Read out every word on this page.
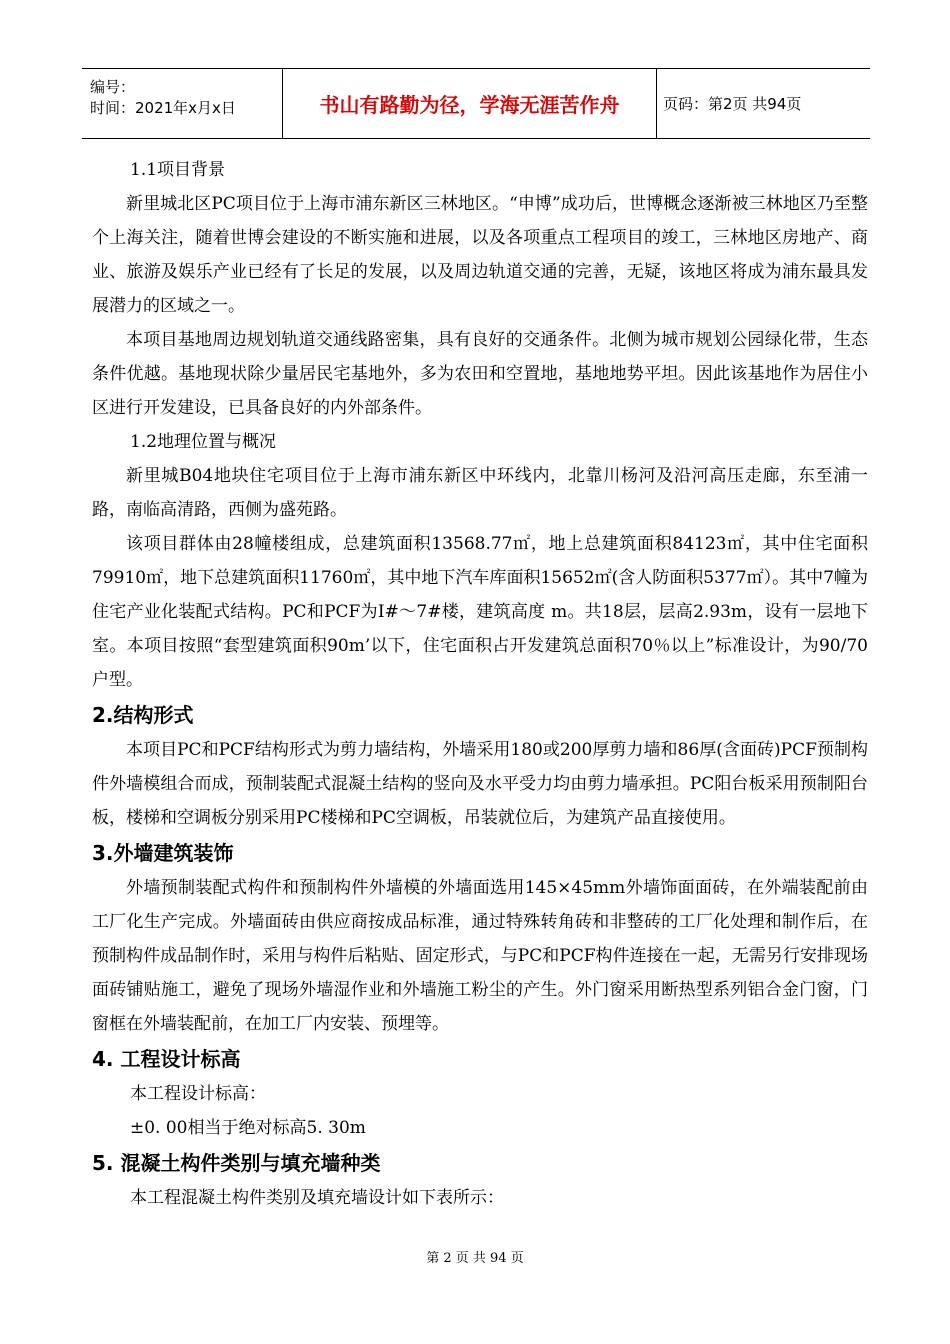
编号：
时间：2021年x月x日	书山有路勤为径，学海无涯苦作舟	页码：第2页 共94页

1.1项目背景

新里城北区PC项目位于上海市浦东新区三林地区。“申博”成功后，世博概念逐渐被三林地区乃至整个上海关注，随着世博会建设的不断实施和进展，以及各项重点工程项目的竣工，三林地区房地产、商业、旅游及娱乐产业已经有了长足的发展，以及周边轨道交通的完善，无疑，该地区将成为浦东最具发展潜力的区域之一。

本项目基地周边规划轨道交通线路密集，具有良好的交通条件。北侧为城市规划公园绿化带，生态条件优越。基地现状除少量居民宅基地外，多为农田和空置地，基地地势平坦。因此该基地作为居住小区进行开发建设，已具备良好的内外部条件。

1.2地理位置与概况

新里城B04地块住宅项目位于上海市浦东新区中环线内，北靠川杨河及沿河高压走廊，东至浦一路，南临高清路，西侧为盛苑路。

该项目群体由28幢楼组成，总建筑面积13568.77㎡，地上总建筑面积84123㎡，其中住宅面积79910㎡，地下总建筑面积11760㎡，其中地下汽车库面积15652㎡(含人防面积5377㎡）。其中7幢为住宅产业化装配式结构。PC和PCF为I#～7#楼，建筑高度 m。共18层，层高2.93m，设有一层地下室。本项目按照“套型建筑面积90m’以下，住宅面积占开发建筑总面积70％以上”标准设计，为90/70户型。

2.结构形式

本项目PC和PCF结构形式为剪力墙结构，外墙采用180或200厚剪力墙和86厚(含面砖)PCF预制构件外墙模组合而成，预制装配式混凝土结构的竖向及水平受力均由剪力墙承担。PC阳台板采用预制阳台板，楼梯和空调板分别采用PC楼梯和PC空调板，吊装就位后，为建筑产品直接使用。

3.外墙建筑装饰

外墙预制装配式构件和预制构件外墙模的外墙面选用145×45mm外墙饰面面砖，在外端装配前由工厂化生产完成。外墙面砖由供应商按成品标准，通过特殊转角砖和非整砖的工厂化处理和制作后，在预制构件成品制作时，采用与构件后粘贴、固定形式，与PC和PCF构件连接在一起，无需另行安排现场面砖铺贴施工，避免了现场外墙湿作业和外墙施工粉尘的产生。外门窗采用断热型系列铝合金门窗，门窗框在外墙装配前，在加工厂内安装、预埋等。

4. 工程设计标高

本工程设计标高：

±0. 00相当于绝对标高5. 30m

5. 混凝土构件类别与填充墙种类

本工程混凝土构件类别及填充墙设计如下表所示：

第 2 页 共 94 页
